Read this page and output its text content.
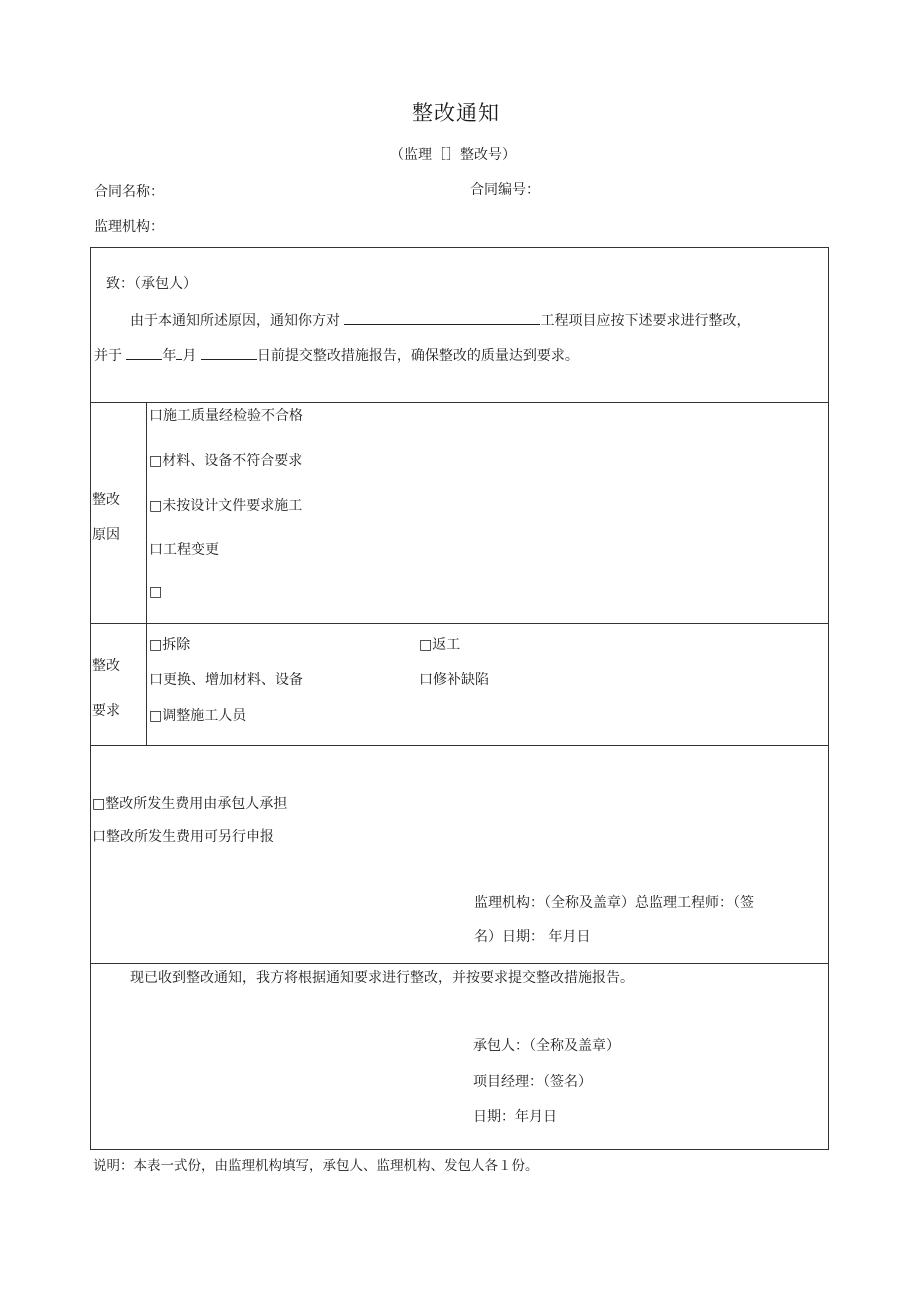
整改通知
（监理［］整改号）
合同名称：	合同编号：
监理机构：
致：（承包人）
由于本通知所述原因，通知你方对	工程项目应按下述要求进行整改，
并于	年 月	日前提交整改措施报告，确保整改的质量达到要求。
整改
原因
口施工质量经检验不合格
□材料、设备不符合要求
□未按设计文件要求施工
口工程变更
□
整改
要求
□拆除	□返工
口更换、增加材料、设备	口修补缺陷
□调整施工人员
□整改所发生费用由承包人承担
口整改所发生费用可另行申报
监理机构：（全称及盖章）总监理工程师：（签
名）日期： 年月日
现已收到整改通知，我方将根据通知要求进行整改，并按要求提交整改措施报告。
承包人：（全称及盖章）
项目经理：（签名）
日期：年月日
说明：本表一式份，由监理机构填写，承包人、监理机构、发包人各１份。
